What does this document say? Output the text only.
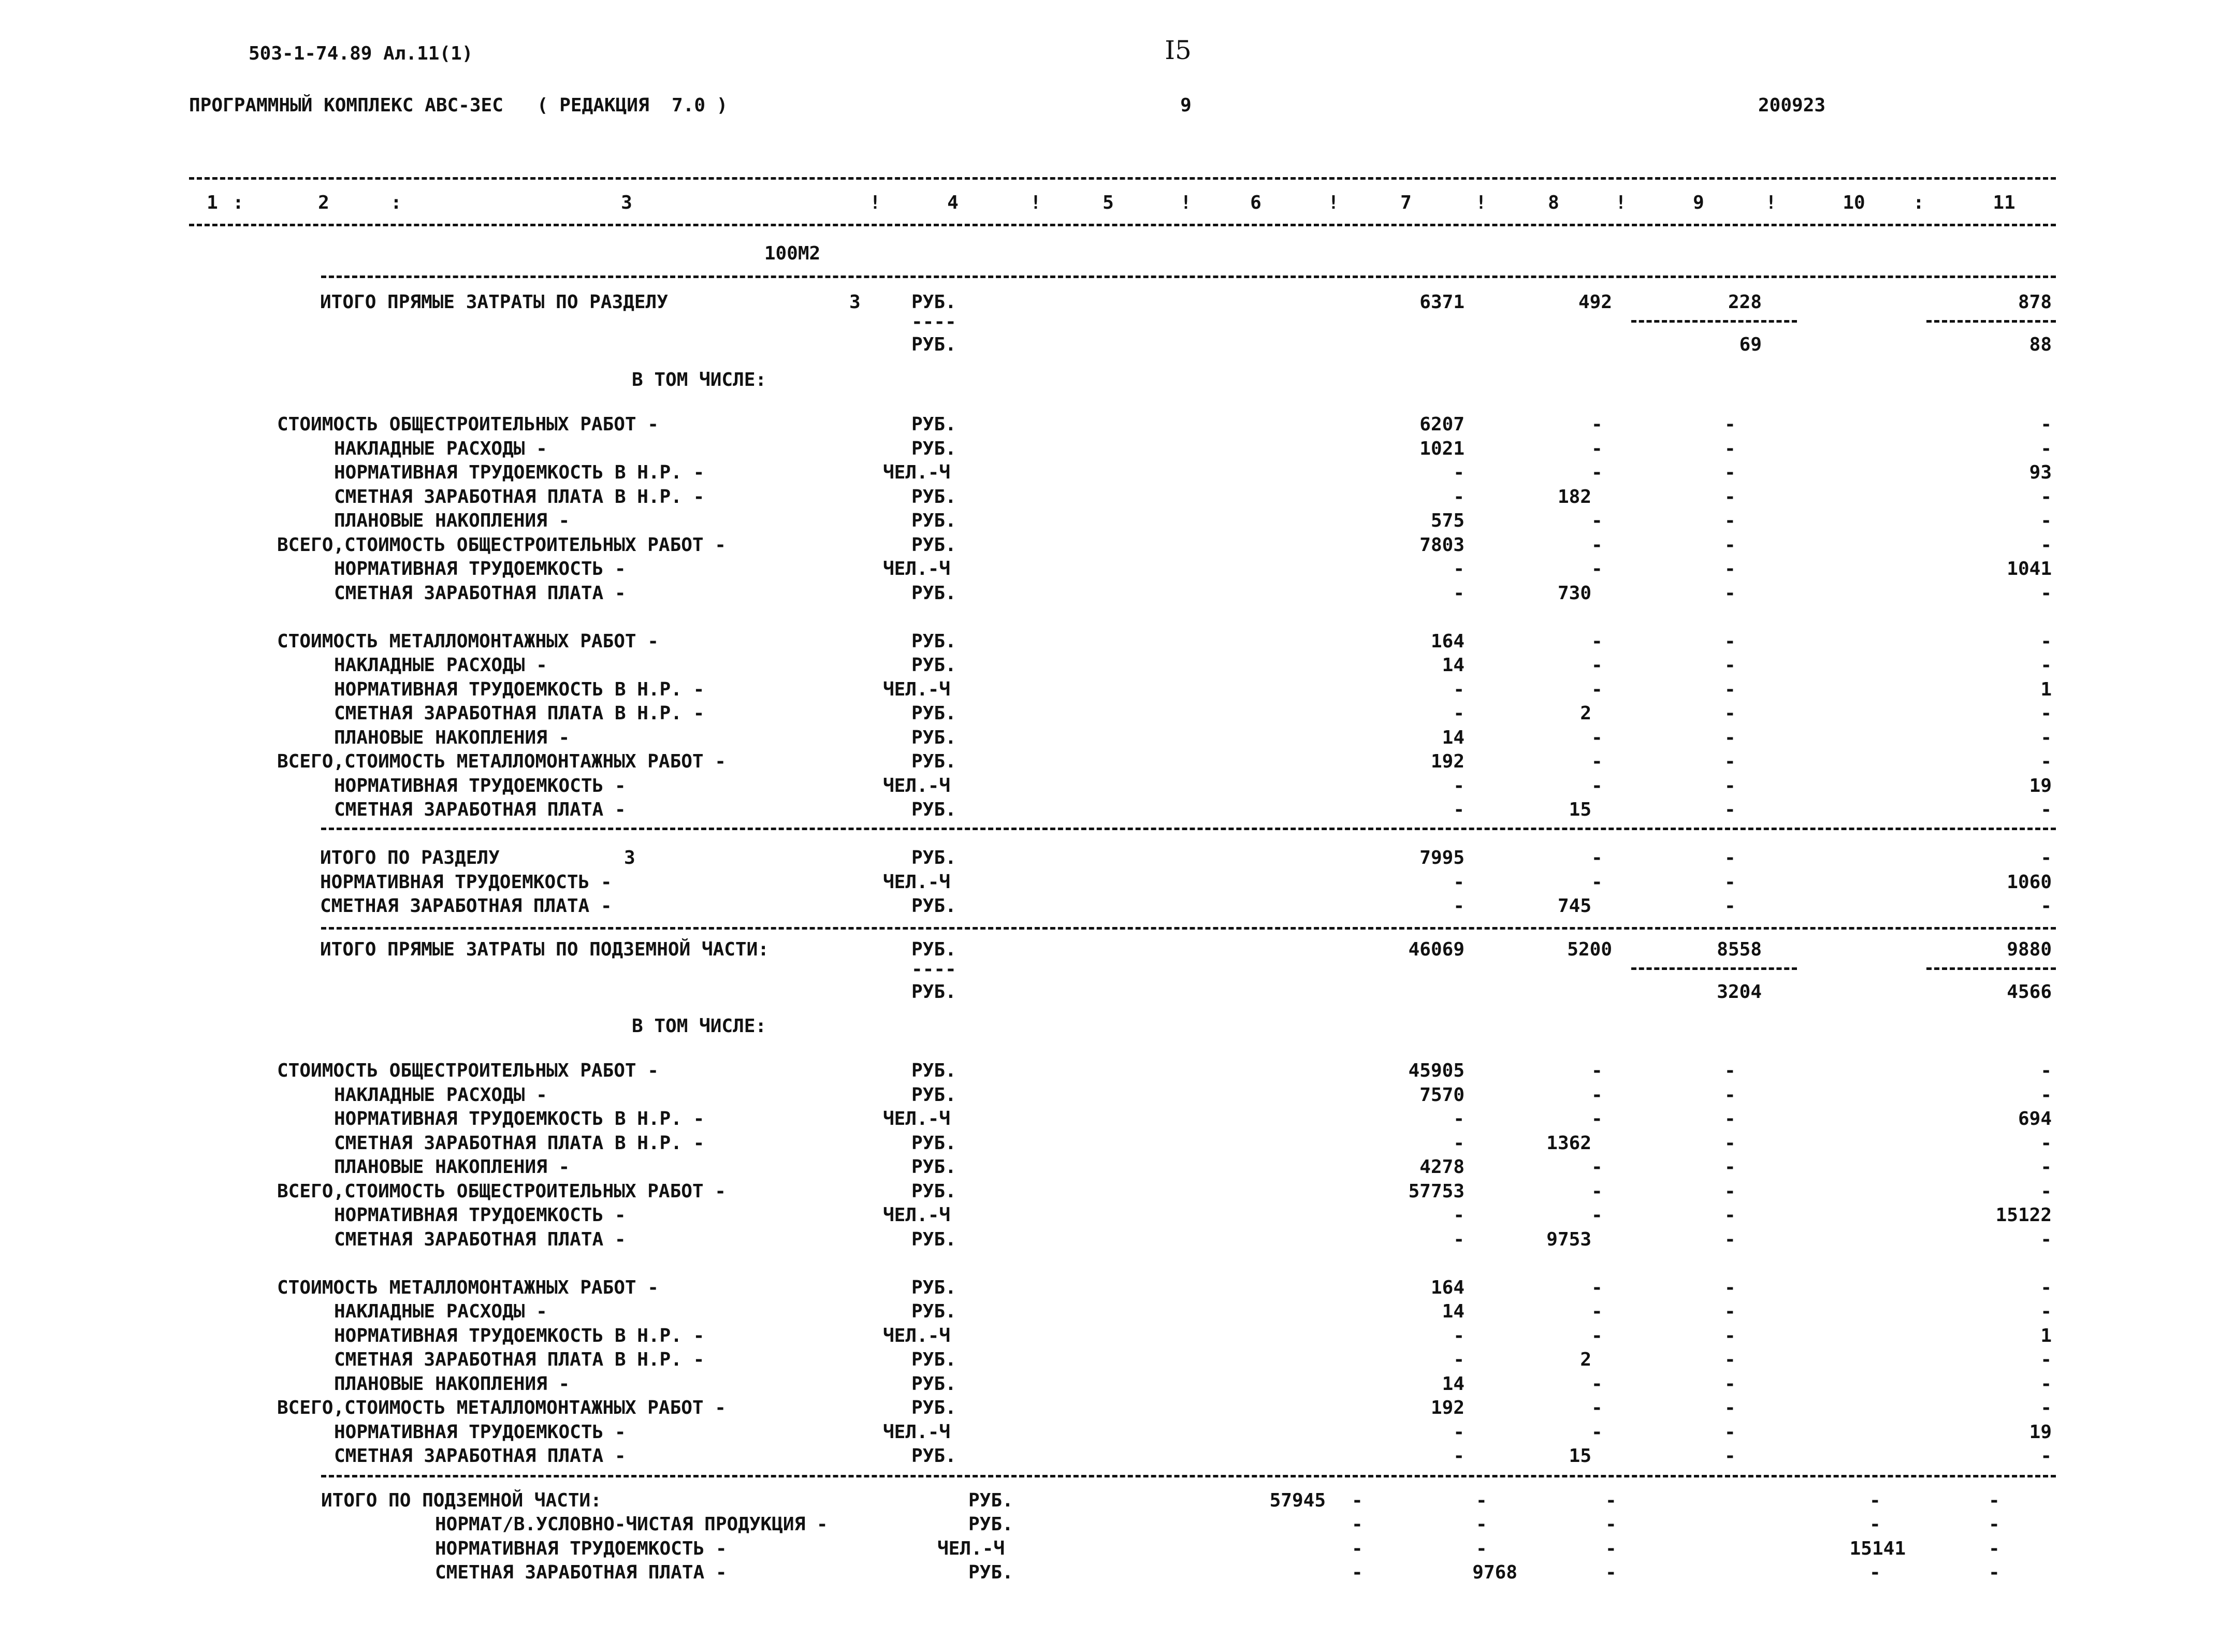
503-1-74.89 Ал.11(1)	I5
ПРОГРАММНЫЙ КОМПЛЕКС АВС-3ЕС   ( РЕДАКЦИЯ  7.0 )	9	200923
1 :	2	:	3	!	4	!	5	!	6	!	7	!	8	!	9	!	10	:	11
100М2
ИТОГО ПРЯМЫЕ ЗАТРАТЫ ПО РАЗДЕЛУ	3	РУБ.	6371	492	228	878
----
РУБ.	69	88
В ТОМ ЧИСЛЕ:
СТОИМОСТЬ ОБЩЕСТРОИТЕЛЬНЫХ РАБОТ -	РУБ.	6207	-	-	-
НАКЛАДНЫЕ РАСХОДЫ -	РУБ.	1021	-	-	-
НОРМАТИВНАЯ ТРУДОЕМКОСТЬ В Н.Р. -	ЧЕЛ.-Ч	-	-	-	93
СМЕТНАЯ ЗАРАБОТНАЯ ПЛАТА В Н.Р. -	РУБ.	-	182	-	-
ПЛАНОВЫЕ НАКОПЛЕНИЯ -	РУБ.	575	-	-	-
ВСЕГО,СТОИМОСТЬ ОБЩЕСТРОИТЕЛЬНЫХ РАБОТ -	РУБ.	7803	-	-	-
НОРМАТИВНАЯ ТРУДОЕМКОСТЬ -	ЧЕЛ.-Ч	-	-	-	1041
СМЕТНАЯ ЗАРАБОТНАЯ ПЛАТА -	РУБ.	-	730	-	-
СТОИМОСТЬ МЕТАЛЛОМОНТАЖНЫХ РАБОТ -	РУБ.	164	-	-	-
НАКЛАДНЫЕ РАСХОДЫ -	РУБ.	14	-	-	-
НОРМАТИВНАЯ ТРУДОЕМКОСТЬ В Н.Р. -	ЧЕЛ.-Ч	-	-	-	1
СМЕТНАЯ ЗАРАБОТНАЯ ПЛАТА В Н.Р. -	РУБ.	-	2	-	-
ПЛАНОВЫЕ НАКОПЛЕНИЯ -	РУБ.	14	-	-	-
ВСЕГО,СТОИМОСТЬ МЕТАЛЛОМОНТАЖНЫХ РАБОТ -	РУБ.	192	-	-	-
НОРМАТИВНАЯ ТРУДОЕМКОСТЬ -	ЧЕЛ.-Ч	-	-	-	19
СМЕТНАЯ ЗАРАБОТНАЯ ПЛАТА -	РУБ.	-	15	-	-
ИТОГО ПО РАЗДЕЛУ	3	РУБ.	7995	-	-	-
НОРМАТИВНАЯ ТРУДОЕМКОСТЬ -	ЧЕЛ.-Ч	-	-	-	1060
СМЕТНАЯ ЗАРАБОТНАЯ ПЛАТА -	РУБ.	-	745	-	-
ИТОГО ПРЯМЫЕ ЗАТРАТЫ ПО ПОДЗЕМНОЙ ЧАСТИ:	РУБ.	46069	5200	8558	9880
----
РУБ.	3204	4566
В ТОМ ЧИСЛЕ:
СТОИМОСТЬ ОБЩЕСТРОИТЕЛЬНЫХ РАБОТ -	РУБ.	45905	-	-	-
НАКЛАДНЫЕ РАСХОДЫ -	РУБ.	7570	-	-	-
НОРМАТИВНАЯ ТРУДОЕМКОСТЬ В Н.Р. -	ЧЕЛ.-Ч	-	-	-	694
СМЕТНАЯ ЗАРАБОТНАЯ ПЛАТА В Н.Р. -	РУБ.	-	1362	-	-
ПЛАНОВЫЕ НАКОПЛЕНИЯ -	РУБ.	4278	-	-	-
ВСЕГО,СТОИМОСТЬ ОБЩЕСТРОИТЕЛЬНЫХ РАБОТ -	РУБ.	57753	-	-	-
НОРМАТИВНАЯ ТРУДОЕМКОСТЬ -	ЧЕЛ.-Ч	-	-	-	15122
СМЕТНАЯ ЗАРАБОТНАЯ ПЛАТА -	РУБ.	-	9753	-	-
СТОИМОСТЬ МЕТАЛЛОМОНТАЖНЫХ РАБОТ -	РУБ.	164	-	-	-
НАКЛАДНЫЕ РАСХОДЫ -	РУБ.	14	-	-	-
НОРМАТИВНАЯ ТРУДОЕМКОСТЬ В Н.Р. -	ЧЕЛ.-Ч	-	-	-	1
СМЕТНАЯ ЗАРАБОТНАЯ ПЛАТА В Н.Р. -	РУБ.	-	2	-	-
ПЛАНОВЫЕ НАКОПЛЕНИЯ -	РУБ.	14	-	-	-
ВСЕГО,СТОИМОСТЬ МЕТАЛЛОМОНТАЖНЫХ РАБОТ -	РУБ.	192	-	-	-
НОРМАТИВНАЯ ТРУДОЕМКОСТЬ -	ЧЕЛ.-Ч	-	-	-	19
СМЕТНАЯ ЗАРАБОТНАЯ ПЛАТА -	РУБ.	-	15	-	-
ИТОГО ПО ПОДЗЕМНОЙ ЧАСТИ:	РУБ.	57945 -	-	-	-	-
НОРМАТ/В.УСЛОВНО-ЧИСТАЯ ПРОДУКЦИЯ -	РУБ.	-	-	-	-	-
НОРМАТИВНАЯ ТРУДОЕМКОСТЬ -	ЧЕЛ.-Ч	-	-	-	15141	-
СМЕТНАЯ ЗАРАБОТНАЯ ПЛАТА -	РУБ.	-	9768	-	-	-
